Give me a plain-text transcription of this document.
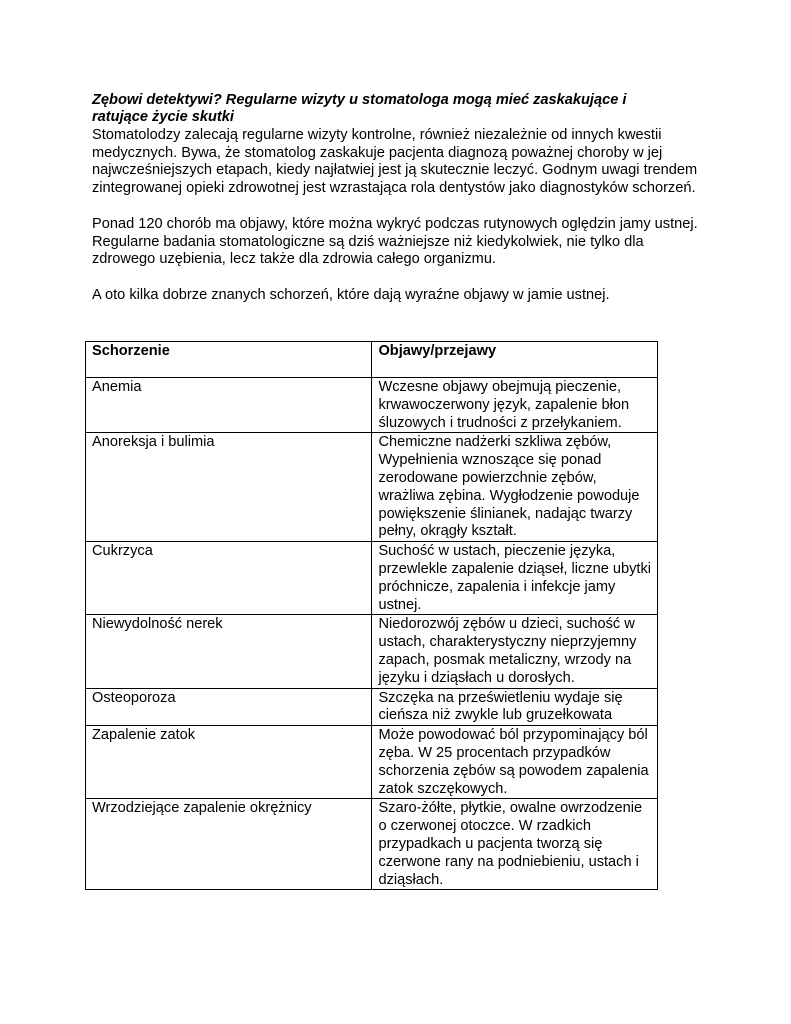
Zębowi detektywi? Regularne wizyty u stomatologa mogą mieć zaskakujące i ratujące życie skutki

Stomatolodzy zalecają regularne wizyty kontrolne, również niezależnie od innych kwestii medycznych. Bywa, że stomatolog zaskakuje pacjenta diagnozą poważnej choroby w jej najwcześniejszych etapach, kiedy najłatwiej jest ją skutecznie leczyć. Godnym uwagi trendem zintegrowanej opieki zdrowotnej jest wzrastająca rola dentystów jako diagnostyków schorzeń.

Ponad 120 chorób ma objawy, które można wykryć podczas rutynowych oględzin jamy ustnej. Regularne badania stomatologiczne są dziś ważniejsze niż kiedykolwiek, nie tylko dla zdrowego uzębienia, lecz także dla zdrowia całego organizmu.

A oto kilka dobrze znanych schorzeń, które dają wyraźne objawy w jamie ustnej.

Schorzenie	Objawy/przejawy
Anemia	Wczesne objawy obejmują pieczenie, krwawoczerwony język, zapalenie błon śluzowych i trudności z przełykaniem.
Anoreksja i bulimia	Chemiczne nadżerki szkliwa zębów, Wypełnienia wznoszące się ponad zerodowane powierzchnie zębów, wrażliwa zębina. Wygłodzenie powoduje powiększenie ślinianek, nadając twarzy pełny, okrągły kształt.
Cukrzyca	Suchość w ustach, pieczenie języka, przewlekle zapalenie dziąseł, liczne ubytki próchnicze, zapalenia i infekcje jamy ustnej.
Niewydolność nerek	Niedorozwój zębów u dzieci, suchość w ustach, charakterystyczny nieprzyjemny zapach, posmak metaliczny, wrzody na języku i dziąsłach u dorosłych.
Osteoporoza	Szczęka na prześwietleniu wydaje się cieńsza niż zwykle lub gruzełkowata
Zapalenie zatok	Może powodować ból przypominający ból zęba. W 25 procentach przypadków schorzenia zębów są powodem zapalenia zatok szczękowych.
Wrzodziejące zapalenie okrężnicy	Szaro-żółte, płytkie, owalne owrzodzenie o czerwonej otoczce. W rzadkich przypadkach u pacjenta tworzą się czerwone rany na podniebieniu, ustach i dziąsłach.
